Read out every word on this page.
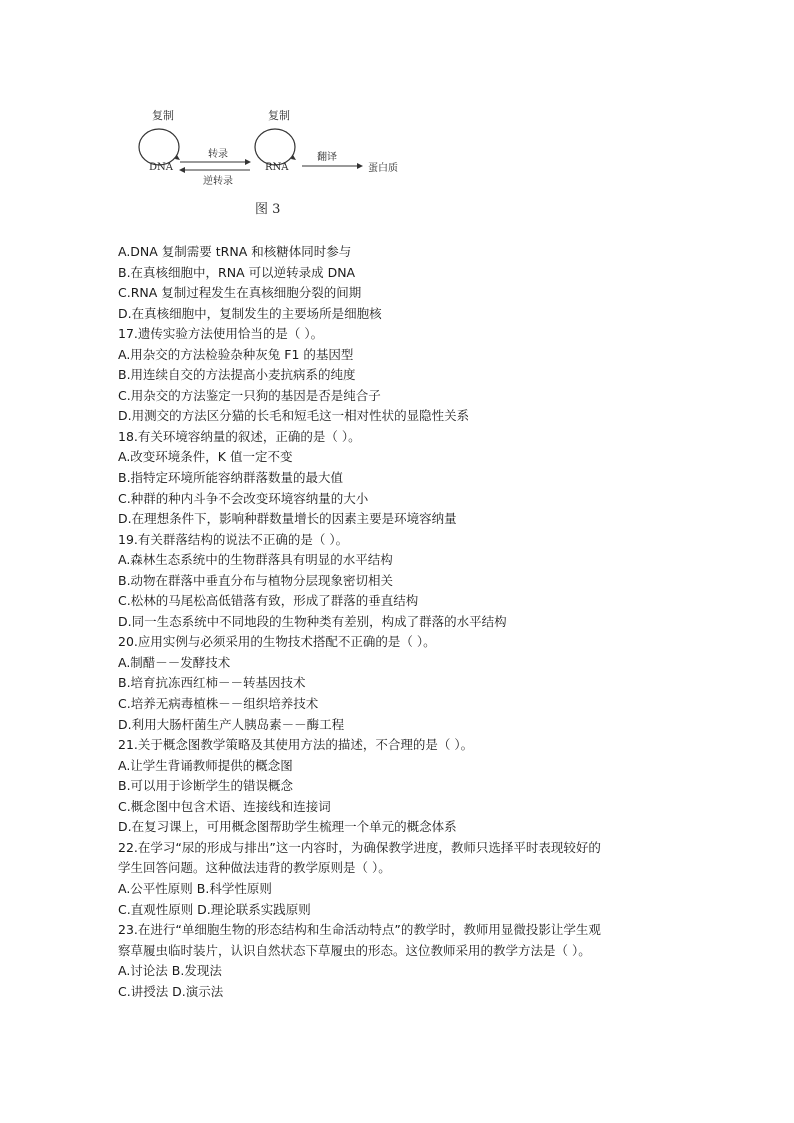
复制
DNA
复制
RNA
转录
逆转录
翻译
蛋白质
图 3
A.DNA 复制需要 tRNA 和核糖体同时参与
B.在真核细胞中，RNA 可以逆转录成 DNA
C.RNA 复制过程发生在真核细胞分裂的间期
D.在真核细胞中，复制发生的主要场所是细胞核
17.遗传实验方法使用恰当的是（ ）。
A.用杂交的方法检验杂种灰兔 F1 的基因型
B.用连续自交的方法提高小麦抗病系的纯度
C.用杂交的方法鉴定一只狗的基因是否是纯合子
D.用测交的方法区分猫的长毛和短毛这一相对性状的显隐性关系
18.有关环境容纳量的叙述，正确的是（ ）。
A.改变环境条件，K 值一定不变
B.指特定环境所能容纳群落数量的最大值
C.种群的种内斗争不会改变环境容纳量的大小
D.在理想条件下，影响种群数量增长的因素主要是环境容纳量
19.有关群落结构的说法不正确的是（ ）。
A.森林生态系统中的生物群落具有明显的水平结构
B.动物在群落中垂直分布与植物分层现象密切相关
C.松林的马尾松高低错落有致，形成了群落的垂直结构
D.同一生态系统中不同地段的生物种类有差别，构成了群落的水平结构
20.应用实例与必须采用的生物技术搭配不正确的是（ ）。
A.制醋－－发酵技术
B.培育抗冻西红柿－－转基因技术
C.培养无病毒植株－－组织培养技术
D.利用大肠杆菌生产人胰岛素－－酶工程
21.关于概念图教学策略及其使用方法的描述，不合理的是（ ）。
A.让学生背诵教师提供的概念图
B.可以用于诊断学生的错误概念
C.概念图中包含术语、连接线和连接词
D.在复习课上，可用概念图帮助学生梳理一个单元的概念体系
22.在学习“尿的形成与排出”这一内容时，为确保教学进度，教师只选择平时表现较好的
学生回答问题。这种做法违背的教学原则是（ ）。
A.公平性原则 B.科学性原则
C.直观性原则 D.理论联系实践原则
23.在进行“单细胞生物的形态结构和生命活动特点”的教学时，教师用显微投影让学生观
察草履虫临时装片，认识自然状态下草履虫的形态。这位教师采用的教学方法是（ ）。
A.讨论法 B.发现法
C.讲授法 D.演示法
